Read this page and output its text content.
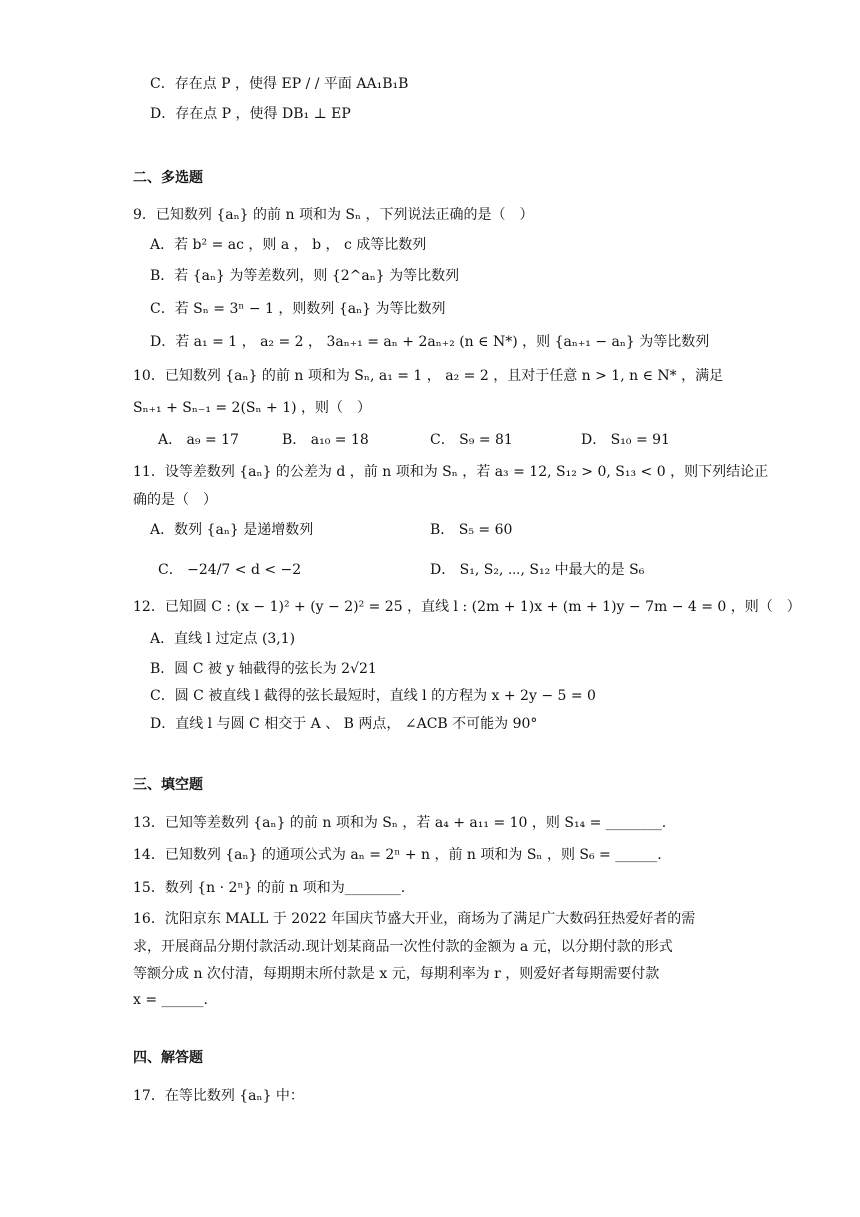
C．存在点 P ，使得 EP / / 平面 AA₁B₁B
D．存在点 P ，使得 DB₁ ⊥ EP
二、多选题
9．已知数列 {aₙ} 的前 n 项和为 Sₙ ，下列说法正确的是（　）
A．若 b² = ac ，则 a ， b ， c 成等比数列
B．若 {aₙ} 为等差数列，则 {2^aₙ} 为等比数列
C．若 Sₙ = 3ⁿ − 1 ，则数列 {aₙ} 为等比数列
D．若 a₁ = 1 ， a₂ = 2 ， 3aₙ₊₁ = aₙ + 2aₙ₊₂ (n ∈ N*) ，则 {aₙ₊₁ − aₙ} 为等比数列
10．已知数列 {aₙ} 的前 n 项和为 Sₙ, a₁ = 1 ， a₂ = 2 ，且对于任意 n > 1, n ∈ N* ，满足
Sₙ₊₁ + Sₙ₋₁ = 2(Sₙ + 1) ，则（　）
A． a₉ = 17	B． a₁₀ = 18	C． S₉ = 81	D． S₁₀ = 91
11．设等差数列 {aₙ} 的公差为 d ，前 n 项和为 Sₙ ，若 a₃ = 12, S₁₂ > 0, S₁₃ < 0 ，则下列结论正
确的是（　）
A．数列 {aₙ} 是递增数列	B． S₅ = 60
C． −24/7 < d < −2	D． S₁, S₂, ⋯, S₁₂ 中最大的是 S₆
12．已知圆 C : (x − 1)² + (y − 2)² = 25 ，直线 l : (2m + 1)x + (m + 1)y − 7m − 4 = 0 ，则（　）
A．直线 l 过定点 (3,1)
B．圆 C 被 y 轴截得的弦长为 2√21
C．圆 C 被直线 l 截得的弦长最短时，直线 l 的方程为 x + 2y − 5 = 0
D．直线 l 与圆 C 相交于 A 、 B 两点， ∠ACB 不可能为 90°
三、填空题
13．已知等差数列 {aₙ} 的前 n 项和为 Sₙ ，若 a₄ + a₁₁ = 10 ，则 S₁₄ = ________.
14．已知数列 {aₙ} 的通项公式为 aₙ = 2ⁿ + n ，前 n 项和为 Sₙ ，则 S₆ = ______.
15．数列 {n · 2ⁿ} 的前 n 项和为________.
16．沈阳京东 MALL 于 2022 年国庆节盛大开业，商场为了满足广大数码狂热爱好者的需
求，开展商品分期付款活动.现计划某商品一次性付款的金额为 a 元，以分期付款的形式
等额分成 n 次付清，每期期末所付款是 x 元，每期利率为 r ，则爱好者每期需要付款
x = ______.
四、解答题
17．在等比数列 {aₙ} 中：
